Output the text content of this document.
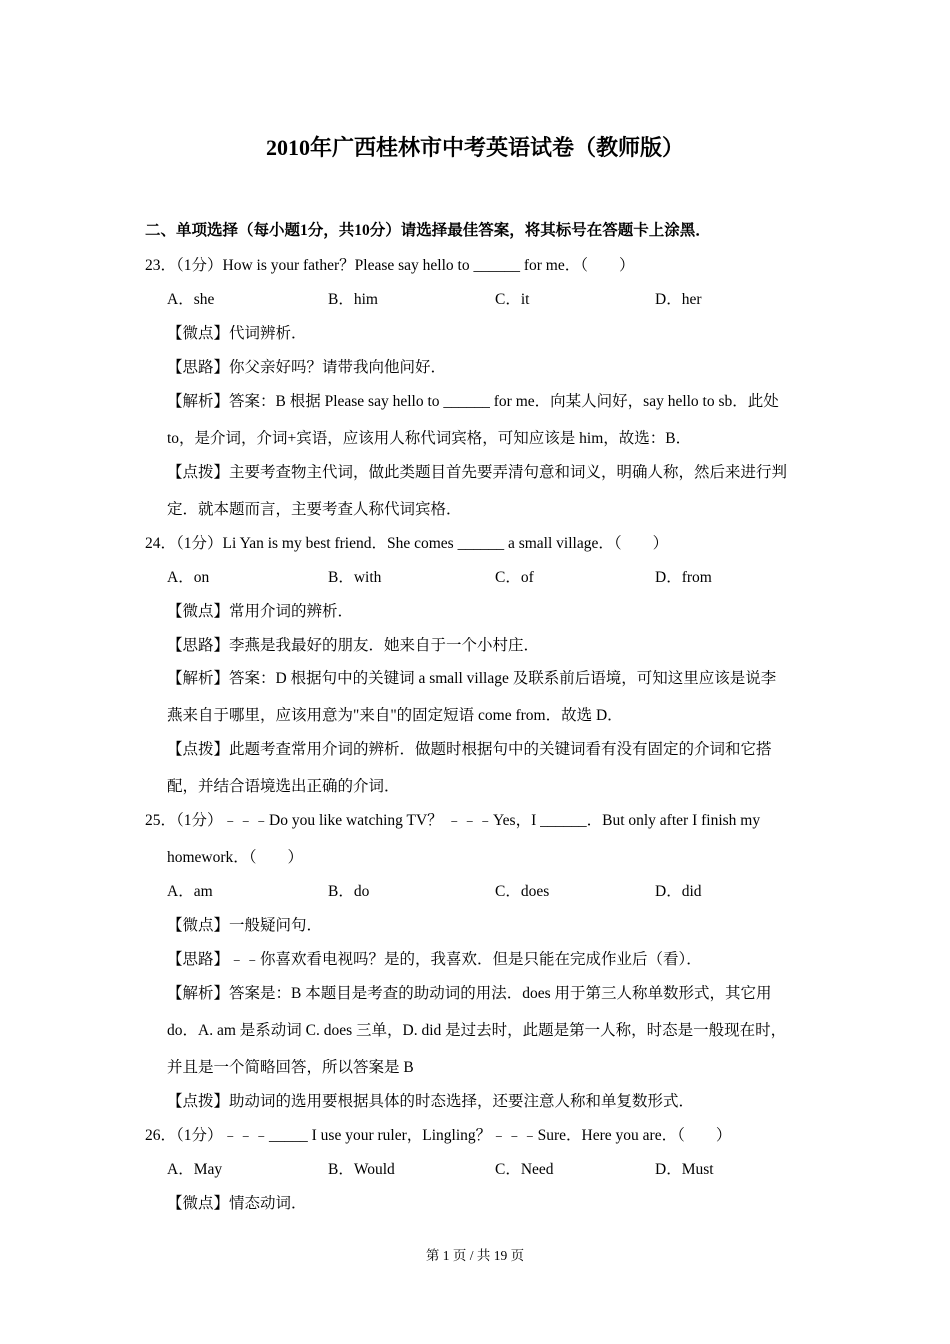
2010年广西桂林市中考英语试卷（教师版）
二、单项选择（每小题1分，共10分）请选择最佳答案，将其标号在答题卡上涂黑．
23．（1分）How is your father？Please say hello to ______ for me．（　　）
A．she	B．him	C．it	D．her
【微点】代词辨析．
【思路】你父亲好吗？请带我向他问好．
【解析】答案：B 根据 Please say hello to ______ for me．向某人问好，say hello to sb．此处
to，是介词，介词+宾语，应该用人称代词宾格，可知应该是 him，故选：B．
【点拨】主要考查物主代词，做此类题目首先要弄清句意和词义，明确人称，然后来进行判
定．就本题而言，主要考查人称代词宾格．
24．（1分）Li Yan is my best friend．She comes ______ a small village．（　　）
A．on	B．with	C．of	D．from
【微点】常用介词的辨析．
【思路】李燕是我最好的朋友．她来自于一个小村庄．
【解析】答案：D 根据句中的关键词 a small village 及联系前后语境，可知这里应该是说李
燕来自于哪里，应该用意为"来自"的固定短语 come from．故选 D．
【点拨】此题考查常用介词的辨析．做题时根据句中的关键词看有没有固定的介词和它搭
配，并结合语境选出正确的介词．
25．（1分）﹣﹣﹣Do you like watching TV？ ﹣﹣﹣Yes，I ______．But only after I finish my
homework．（　　）
A．am	B．do	C．does	D．did
【微点】一般疑问句．
【思路】﹣﹣你喜欢看电视吗？是的，我喜欢．但是只能在完成作业后（看）．
【解析】答案是：B 本题目是考查的助动词的用法．does 用于第三人称单数形式，其它用
do．A. am 是系动词 C. does 三单，D. did 是过去时，此题是第一人称，时态是一般现在时，
并且是一个简略回答，所以答案是 B
【点拨】助动词的选用要根据具体的时态选择，还要注意人称和单复数形式．
26．（1分）﹣﹣﹣_____ I use your ruler，Lingling？﹣﹣﹣Sure．Here you are．（　　）
A．May	B．Would	C．Need	D．Must
【微点】情态动词．
第 1 页 / 共 19 页
